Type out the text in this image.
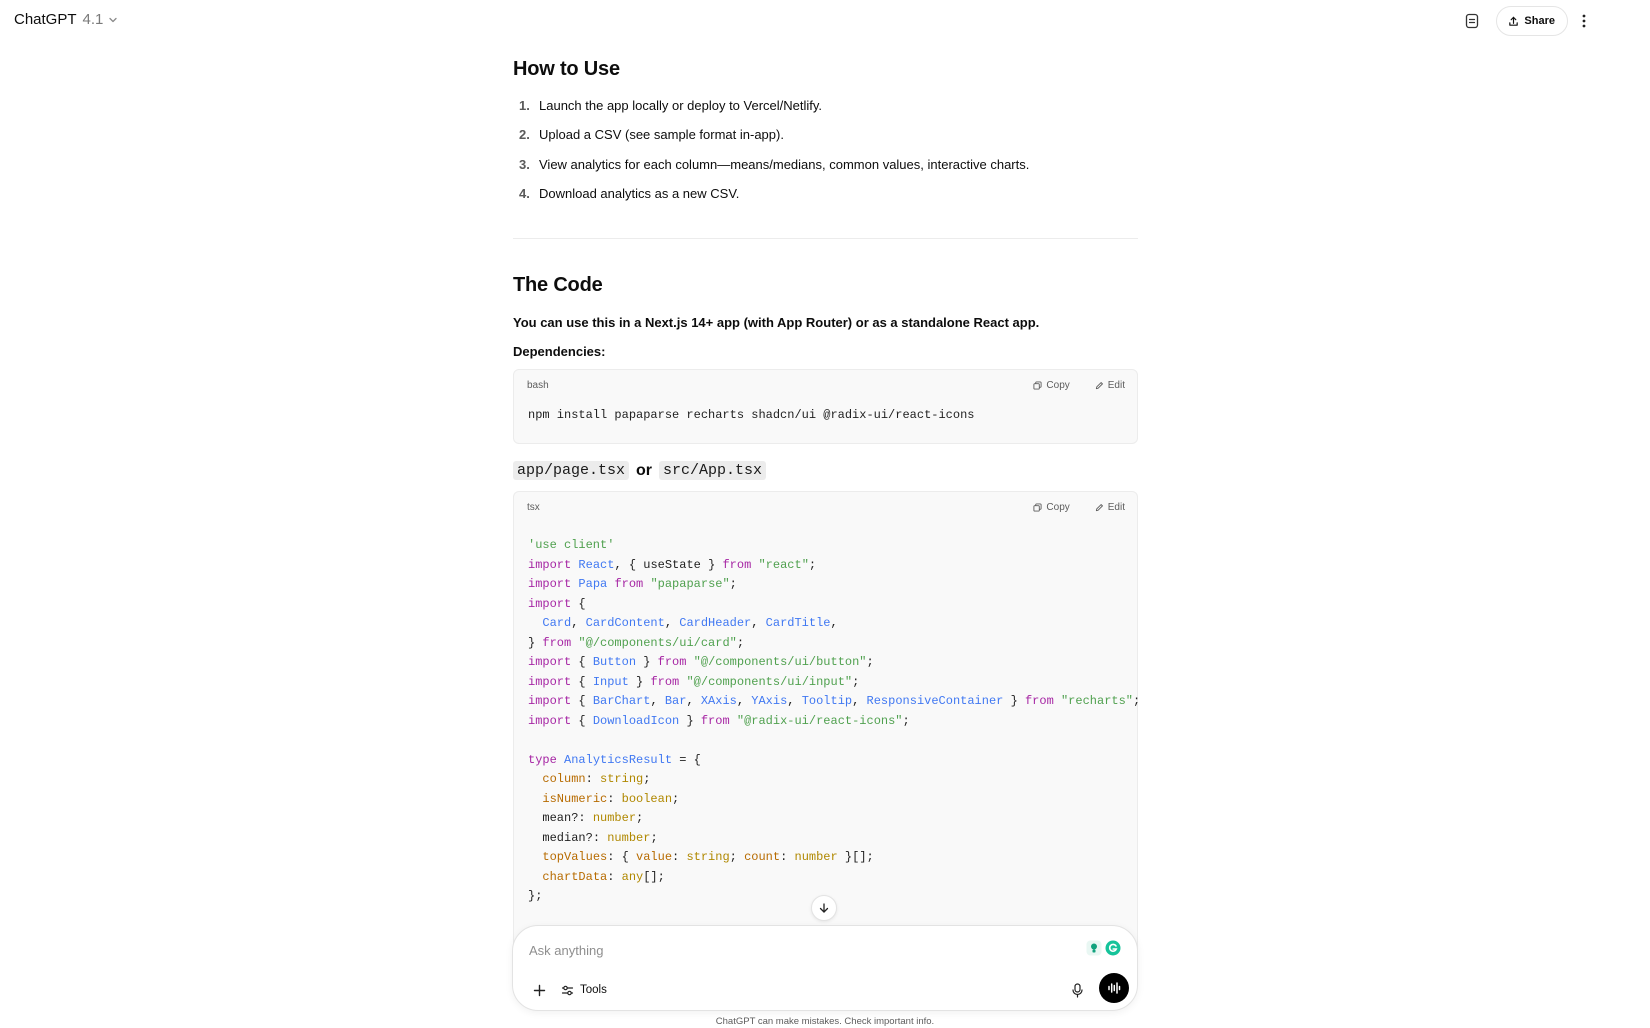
ChatGPT 4.1	Share
How to Use
1. Launch the app locally or deploy to Vercel/Netlify.
2. Upload a CSV (see sample format in-app).
3. View analytics for each column—means/medians, common values, interactive charts.
4. Download analytics as a new CSV.
The Code
You can use this in a Next.js 14+ app (with App Router) or as a standalone React app.
Dependencies:
bash	Copy	Edit
npm install papaparse recharts shadcn/ui @radix-ui/react-icons
app/page.tsx or src/App.tsx
tsx	Copy	Edit
'use client'
import React, { useState } from "react";
import Papa from "papaparse";
import {
Card, CardContent, CardHeader, CardTitle,
} from "@/components/ui/card";
import { Button } from "@/components/ui/button";
import { Input } from "@/components/ui/input";
import { BarChart, Bar, XAxis, YAxis, Tooltip, ResponsiveContainer } from "recharts";
import { DownloadIcon } from "@radix-ui/react-icons";

type AnalyticsResult = {
column: string;
isNumeric: boolean;
mean?: number;
median?: number;
topValues: { value: string; count: number }[];
chartData: any[];
};
Ask anything
Tools
ChatGPT can make mistakes. Check important info.
